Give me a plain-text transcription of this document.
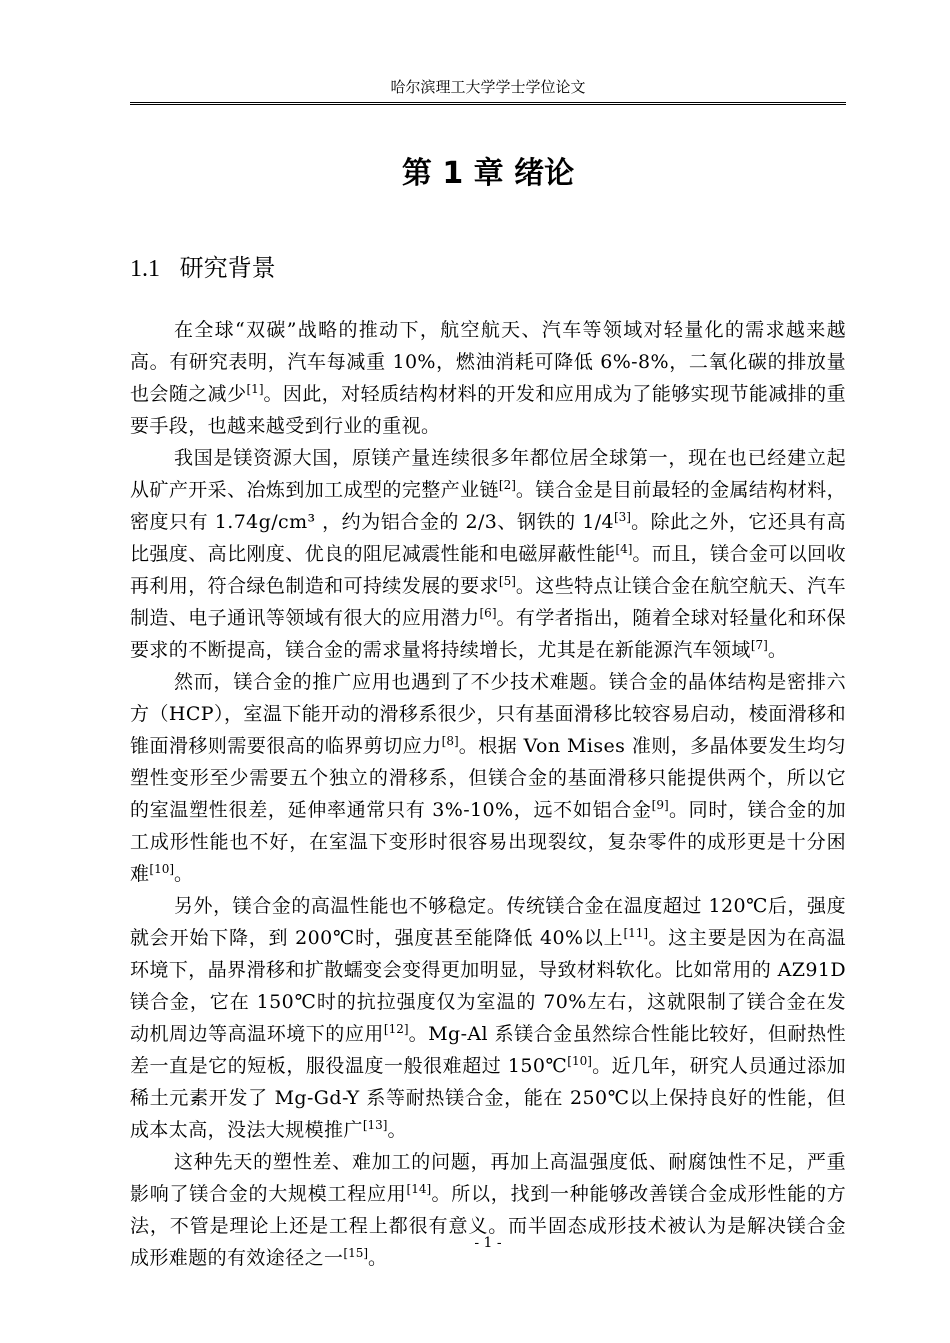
哈尔滨理工大学学士学位论文
第 1 章 绪论
1.1 研究背景

在全球“双碳”战略的推动下，航空航天、汽车等领域对轻量化的需求越来越高。有研究表明，汽车每减重 10%，燃油消耗可降低 6%-8%，二氧化碳的排放量也会随之减少[1]。因此，对轻质结构材料的开发和应用成为了能够实现节能减排的重要手段，也越来越受到行业的重视。

我国是镁资源大国，原镁产量连续很多年都位居全球第一，现在也已经建立起从矿产开采、冶炼到加工成型的完整产业链[2]。镁合金是目前最轻的金属结构材料，密度只有 1.74g/cm³ ，约为铝合金的 2/3、钢铁的 1/4[3]。除此之外，它还具有高比强度、高比刚度、优良的阻尼减震性能和电磁屏蔽性能[4]。而且，镁合金可以回收再利用，符合绿色制造和可持续发展的要求[5]。这些特点让镁合金在航空航天、汽车制造、电子通讯等领域有很大的应用潜力[6]。有学者指出，随着全球对轻量化和环保要求的不断提高，镁合金的需求量将持续增长，尤其是在新能源汽车领域[7]。

然而，镁合金的推广应用也遇到了不少技术难题。镁合金的晶体结构是密排六方（HCP），室温下能开动的滑移系很少，只有基面滑移比较容易启动，棱面滑移和锥面滑移则需要很高的临界剪切应力[8]。根据 Von Mises 准则，多晶体要发生均匀塑性变形至少需要五个独立的滑移系，但镁合金的基面滑移只能提供两个，所以它的室温塑性很差，延伸率通常只有 3%-10%，远不如铝合金[9]。同时，镁合金的加工成形性能也不好，在室温下变形时很容易出现裂纹，复杂零件的成形更是十分困难[10]。

另外，镁合金的高温性能也不够稳定。传统镁合金在温度超过 120℃后，强度就会开始下降，到 200℃时，强度甚至能降低 40%以上[11]。这主要是因为在高温环境下，晶界滑移和扩散蠕变会变得更加明显，导致材料软化。比如常用的 AZ91D 镁合金，它在 150℃时的抗拉强度仅为室温的 70%左右，这就限制了镁合金在发动机周边等高温环境下的应用[12]。Mg-Al 系镁合金虽然综合性能比较好，但耐热性差一直是它的短板，服役温度一般很难超过 150℃[10]。近几年，研究人员通过添加稀土元素开发了 Mg-Gd-Y 系等耐热镁合金，能在 250℃以上保持良好的性能，但成本太高，没法大规模推广[13]。

这种先天的塑性差、难加工的问题，再加上高温强度低、耐腐蚀性不足，严重影响了镁合金的大规模工程应用[14]。所以，找到一种能够改善镁合金成形性能的方法，不管是理论上还是工程上都很有意义。而半固态成形技术被认为是解决镁合金成形难题的有效途径之一[15]。

- 1 -
